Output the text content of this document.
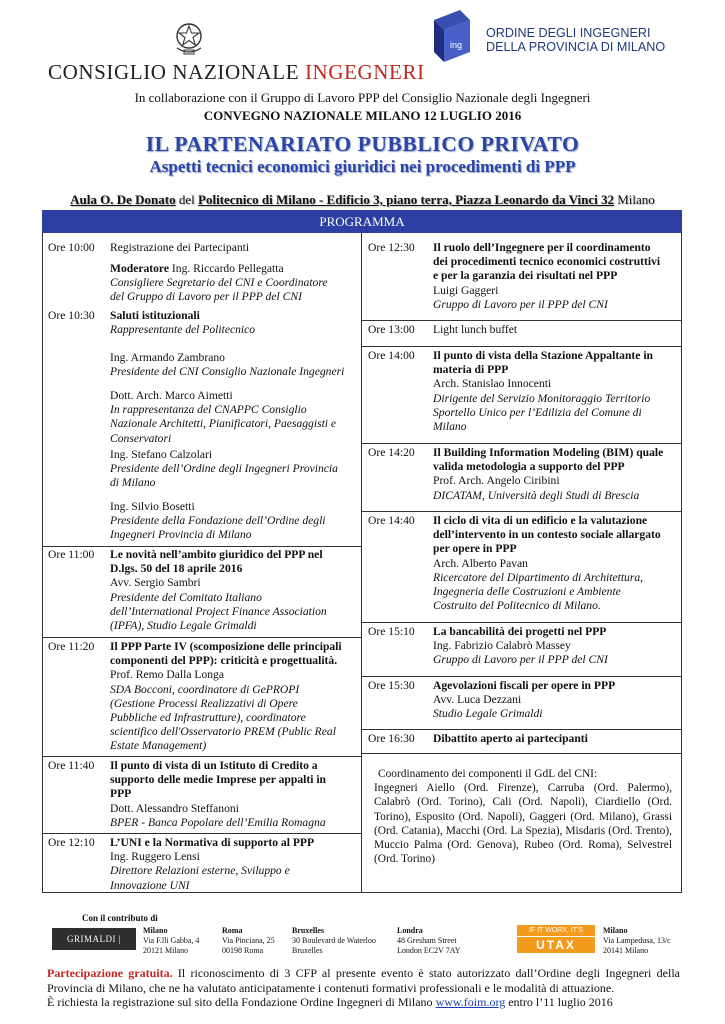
CONSIGLIO NAZIONALE INGEGNERI
ing
ORDINE DEGLI INGEGNERI
DELLA PROVINCIA DI MILANO
In collaborazione con il Gruppo di Lavoro PPP del Consiglio Nazionale degli Ingegneri
CONVEGNO NAZIONALE MILANO 12 LUGLIO 2016
IL PARTENARIATO PUBBLICO PRIVATO
Aspetti tecnici economici giuridici nei procedimenti di PPP
Aula O. De Donato del Politecnico di Milano - Edificio 3, piano terra, Piazza Leonardo da Vinci 32 Milano
PROGRAMMA
Ore 10:00 Registrazione dei Partecipanti
Moderatore Ing. Riccardo Pellegatta
Consigliere Segretario del CNI e Coordinatore
del Gruppo di Lavoro per il PPP del CNI
Ore 10:30 Saluti istituzionali
Rappresentante del Politecnico
Ing. Armando Zambrano
Presidente del CNI Consiglio Nazionale Ingegneri
Dott. Arch. Marco Aimetti
In rappresentanza del CNAPPC Consiglio
Nazionale Architetti, Pianificatori, Paesaggisti e
Conservatori
Ing. Stefano Calzolari
Presidente dell’Ordine degli Ingegneri Provincia
di Milano
Ing. Silvio Bosetti
Presidente della Fondazione dell’Ordine degli
Ingegneri Provincia di Milano
Ore 11:00 Le novità nell’ambito giuridico del PPP nel
D.lgs. 50 del 18 aprile 2016
Avv. Sergio Sambri
Presidente del Comitato Italiano
dell’International Project Finance Association
(IPFA), Studio Legale Grimaldi
Ore 11:20 Il PPP Parte IV (scomposizione delle principali
componenti del PPP): criticità e progettualità.
Prof. Remo Dalla Longa
SDA Bocconi, coordinatore di GePROPI
(Gestione Processi Realizzativi di Opere
Pubbliche ed Infrastrutture), coordinatore
scientifico dell'Osservatorio PREM (Public Real
Estate Management)
Ore 11:40 Il punto di vista di un Istituto di Credito a
supporto delle medie Imprese per appalti in
PPP
Dott. Alessandro Steffanoni
BPER - Banca Popolare dell’Emilia Romagna
Ore 12:10 L’UNI e la Normativa di supporto al PPP
Ing. Ruggero Lensi
Direttore Relazioni esterne, Sviluppo e
Innovazione UNI
Ore 12:30 Il ruolo dell’Ingegnere per il coordinamento
dei procedimenti tecnico economici costruttivi
e per la garanzia dei risultati nel PPP
Luigi Gaggeri
Gruppo di Lavoro per il PPP del CNI
Ore 13:00 Light lunch buffet
Ore 14:00 Il punto di vista della Stazione Appaltante in
materia di PPP
Arch. Stanislao Innocenti
Dirigente del Servizio Monitoraggio Territorio
Sportello Unico per l’Edilizia del Comune di
Milano
Ore 14:20 Il Building Information Modeling (BIM) quale
valida metodologia a supporto del PPP
Prof. Arch. Angelo Ciribini
DICATAM, Università degli Studi di Brescia
Ore 14:40 Il ciclo di vita di un edificio e la valutazione
dell’intervento in un contesto sociale allargato
per opere in PPP
Arch. Alberto Pavan
Ricercatore del Dipartimento di Architettura,
Ingegneria delle Costruzioni e Ambiente
Costruito del Politecnico di Milano.
Ore 15:10 La bancabilità dei progetti nel PPP
Ing. Fabrizio Calabrò Massey
Gruppo di Lavoro per il PPP del CNI
Ore 15:30 Agevolazioni fiscali per opere in PPP
Avv. Luca Dezzani
Studio Legale Grimaldi
Ore 16:30 Dibattito aperto ai partecipanti
Coordinamento dei componenti il GdL del CNI:
Ingegneri Aiello (Ord. Firenze), Carruba (Ord. Palermo), Calabrò (Ord. Torino), Cali (Ord. Napoli), Ciardiello (Ord. Torino), Esposito (Ord. Napoli), Gaggeri (Ord. Milano), Grassi (Ord. Catania), Macchi (Ord. La Spezia), Misdaris (Ord. Trento), Muccio Palma (Ord. Genova), Rubeo (Ord. Roma), Selvestrel (Ord. Torino)
Con il contributo di
GRIMALDI | STUDIO LEGALE
Milano
Via F.lli Gabba, 4
20121 Milano
Roma
Via Pinciana, 25
00198 Roma
Bruxelles
30 Boulevard de Waterloo
Bruxelles
Londra
48 Gresham Street
London EC2V 7AY
IF IT WORX, IT'S
UTAX
Milano
Via Lampedusa, 13/c
20141 Milano
Partecipazione gratuita. Il riconoscimento di 3 CFP al presente evento è stato autorizzato dall’Ordine degli Ingegneri della Provincia di Milano, che ne ha valutato anticipatamente i contenuti formativi professionali e le modalità di attuazione.
È richiesta la registrazione sul sito della Fondazione Ordine Ingegneri di Milano www.foim.org entro l’11 luglio 2016
